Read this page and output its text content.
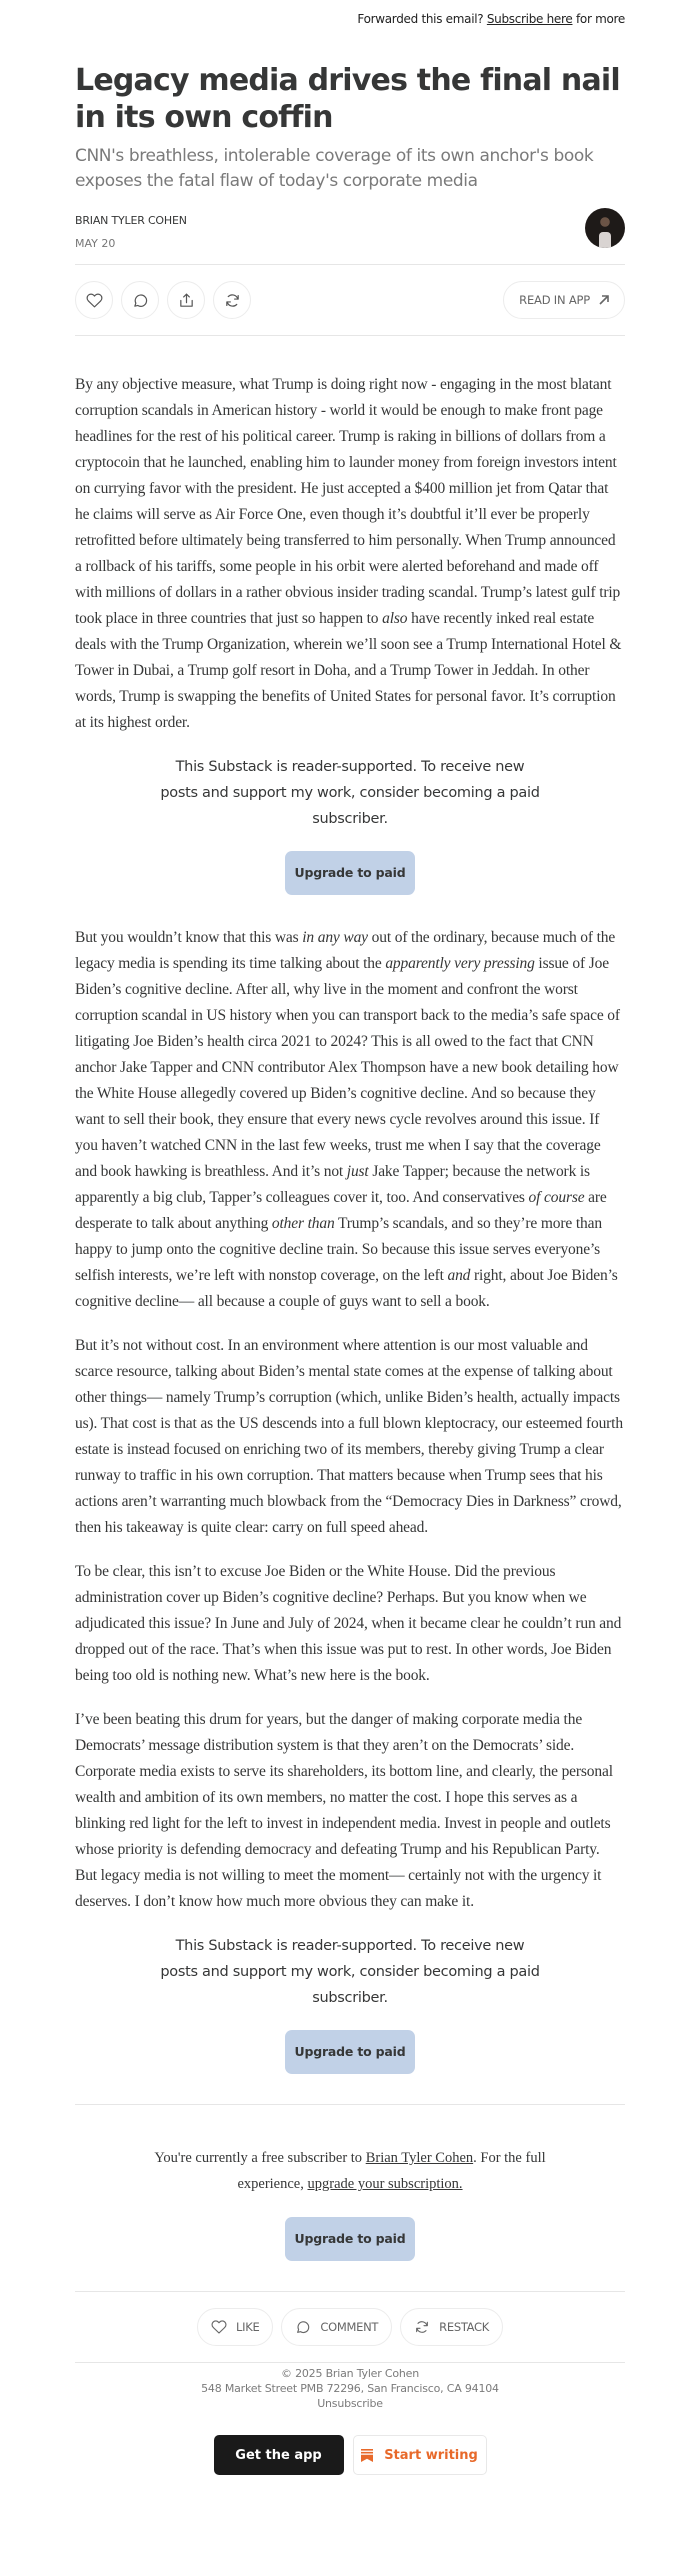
Forwarded this email? Subscribe here for more
Legacy media drives the final nail in its own coffin
CNN's breathless, intolerable coverage of its own anchor's book exposes the fatal flaw of today's corporate media
BRIAN TYLER COHEN
MAY 20
READ IN APP

By any objective measure, what Trump is doing right now - engaging in the most blatant corruption scandals in American history - world it would be enough to make front page headlines for the rest of his political career. Trump is raking in billions of dollars from a cryptocoin that he launched, enabling him to launder money from foreign investors intent on currying favor with the president. He just accepted a $400 million jet from Qatar that he claims will serve as Air Force One, even though it’s doubtful it’ll ever be properly retrofitted before ultimately being transferred to him personally. When Trump announced a rollback of his tariffs, some people in his orbit were alerted beforehand and made off with millions of dollars in a rather obvious insider trading scandal. Trump’s latest gulf trip took place in three countries that just so happen to also have recently inked real estate deals with the Trump Organization, wherein we’ll soon see a Trump International Hotel & Tower in Dubai, a Trump golf resort in Doha, and a Trump Tower in Jeddah. In other words, Trump is swapping the benefits of United States for personal favor. It’s corruption at its highest order.

This Substack is reader-supported. To receive new posts and support my work, consider becoming a paid subscriber.
Upgrade to paid

But you wouldn’t know that this was in any way out of the ordinary, because much of the legacy media is spending its time talking about the apparently very pressing issue of Joe Biden’s cognitive decline. After all, why live in the moment and confront the worst corruption scandal in US history when you can transport back to the media’s safe space of litigating Joe Biden’s health circa 2021 to 2024? This is all owed to the fact that CNN anchor Jake Tapper and CNN contributor Alex Thompson have a new book detailing how the White House allegedly covered up Biden’s cognitive decline. And so because they want to sell their book, they ensure that every news cycle revolves around this issue. If you haven’t watched CNN in the last few weeks, trust me when I say that the coverage and book hawking is breathless. And it’s not just Jake Tapper; because the network is apparently a big club, Tapper’s colleagues cover it, too. And conservatives of course are desperate to talk about anything other than Trump’s scandals, and so they’re more than happy to jump onto the cognitive decline train. So because this issue serves everyone’s selfish interests, we’re left with nonstop coverage, on the left and right, about Joe Biden’s cognitive decline— all because a couple of guys want to sell a book.

But it’s not without cost. In an environment where attention is our most valuable and scarce resource, talking about Biden’s mental state comes at the expense of talking about other things— namely Trump’s corruption (which, unlike Biden’s health, actually impacts us). That cost is that as the US descends into a full blown kleptocracy, our esteemed fourth estate is instead focused on enriching two of its members, thereby giving Trump a clear runway to traffic in his own corruption. That matters because when Trump sees that his actions aren’t warranting much blowback from the “Democracy Dies in Darkness” crowd, then his takeaway is quite clear: carry on full speed ahead.

To be clear, this isn’t to excuse Joe Biden or the White House. Did the previous administration cover up Biden’s cognitive decline? Perhaps. But you know when we adjudicated this issue? In June and July of 2024, when it became clear he couldn’t run and dropped out of the race. That’s when this issue was put to rest. In other words, Joe Biden being too old is nothing new. What’s new here is the book.

I’ve been beating this drum for years, but the danger of making corporate media the Democrats’ message distribution system is that they aren’t on the Democrats’ side. Corporate media exists to serve its shareholders, its bottom line, and clearly, the personal wealth and ambition of its own members, no matter the cost. I hope this serves as a blinking red light for the left to invest in independent media. Invest in people and outlets whose priority is defending democracy and defeating Trump and his Republican Party. But legacy media is not willing to meet the moment— certainly not with the urgency it deserves. I don’t know how much more obvious they can make it.

This Substack is reader-supported. To receive new posts and support my work, consider becoming a paid subscriber.
Upgrade to paid
You're currently a free subscriber to Brian Tyler Cohen. For the full experience, upgrade your subscription.
Upgrade to paid
LIKE	COMMENT	RESTACK
© 2025 Brian Tyler Cohen
548 Market Street PMB 72296, San Francisco, CA 94104
Unsubscribe
Get the app	Start writing
